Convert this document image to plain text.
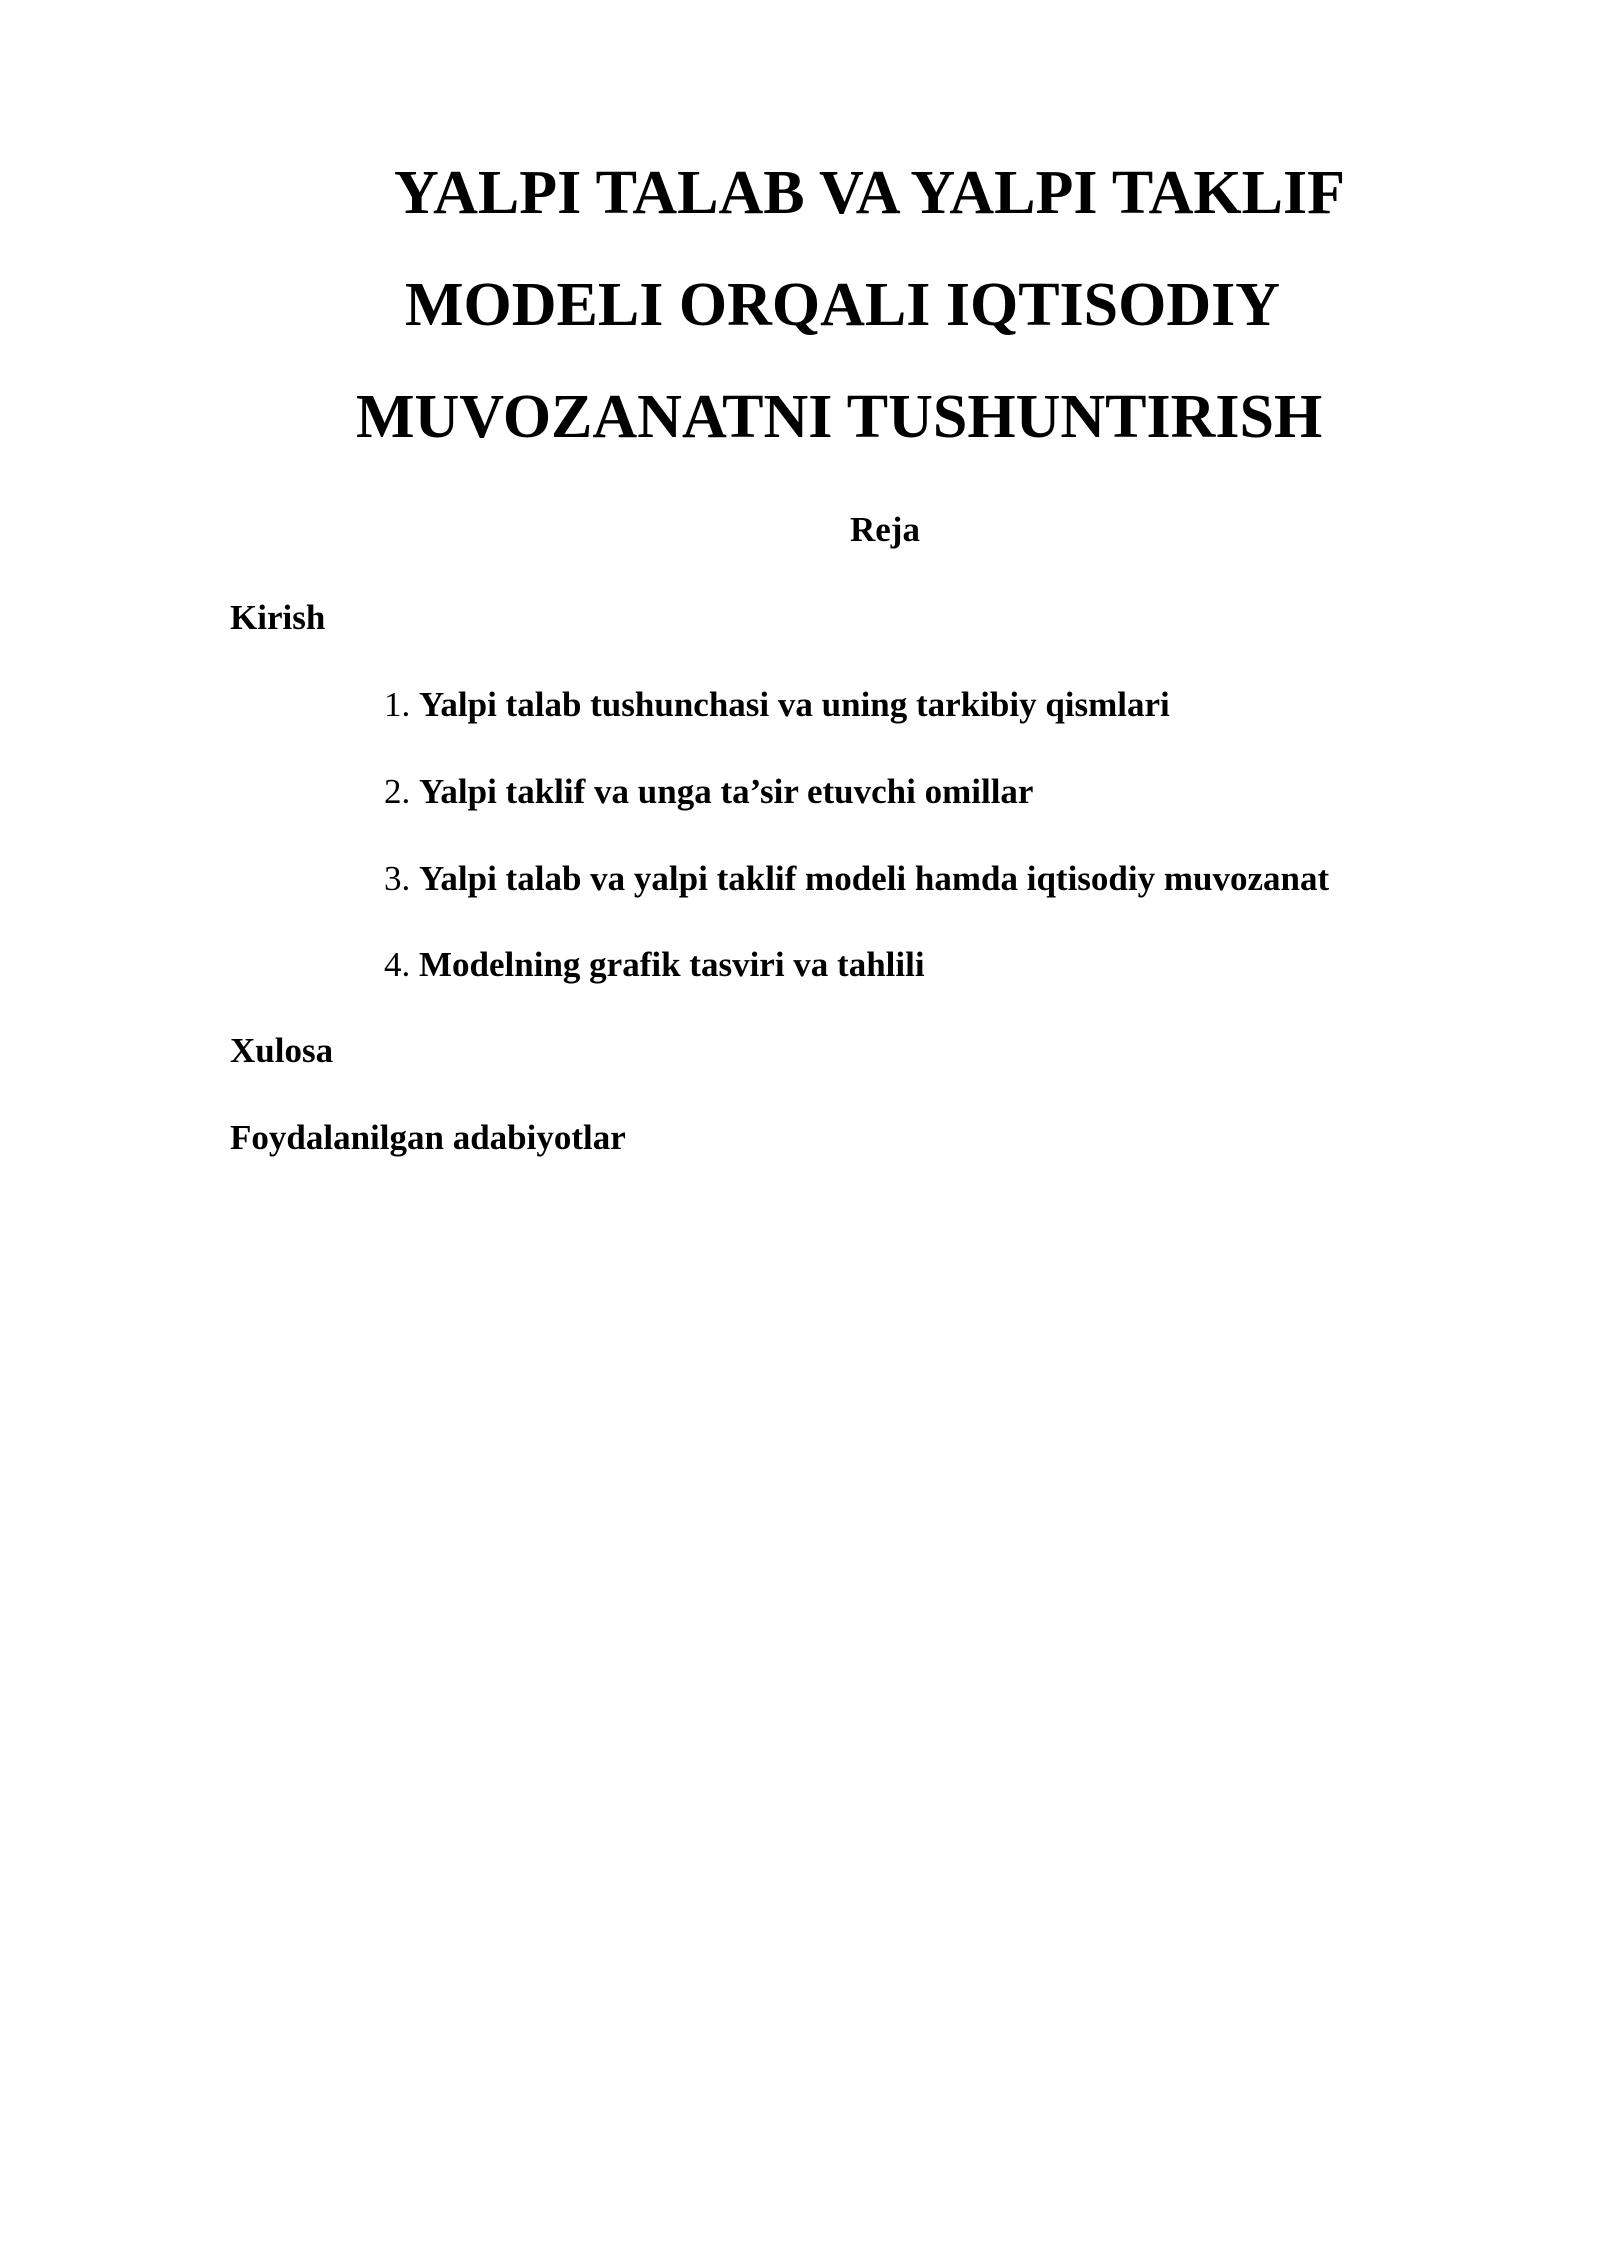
YALPI TALAB VA YALPI TAKLIF
MODELI ORQALI IQTISODIY
MUVOZANATNI TUSHUNTIRISH
Reja
Kirish
1. Yalpi talab tushunchasi va uning tarkibiy qismlari
2. Yalpi taklif va unga ta’sir etuvchi omillar
3. Yalpi talab va yalpi taklif modeli hamda iqtisodiy muvozanat
4. Modelning grafik tasviri va tahlili
Xulosa
Foydalanilgan adabiyotlar
